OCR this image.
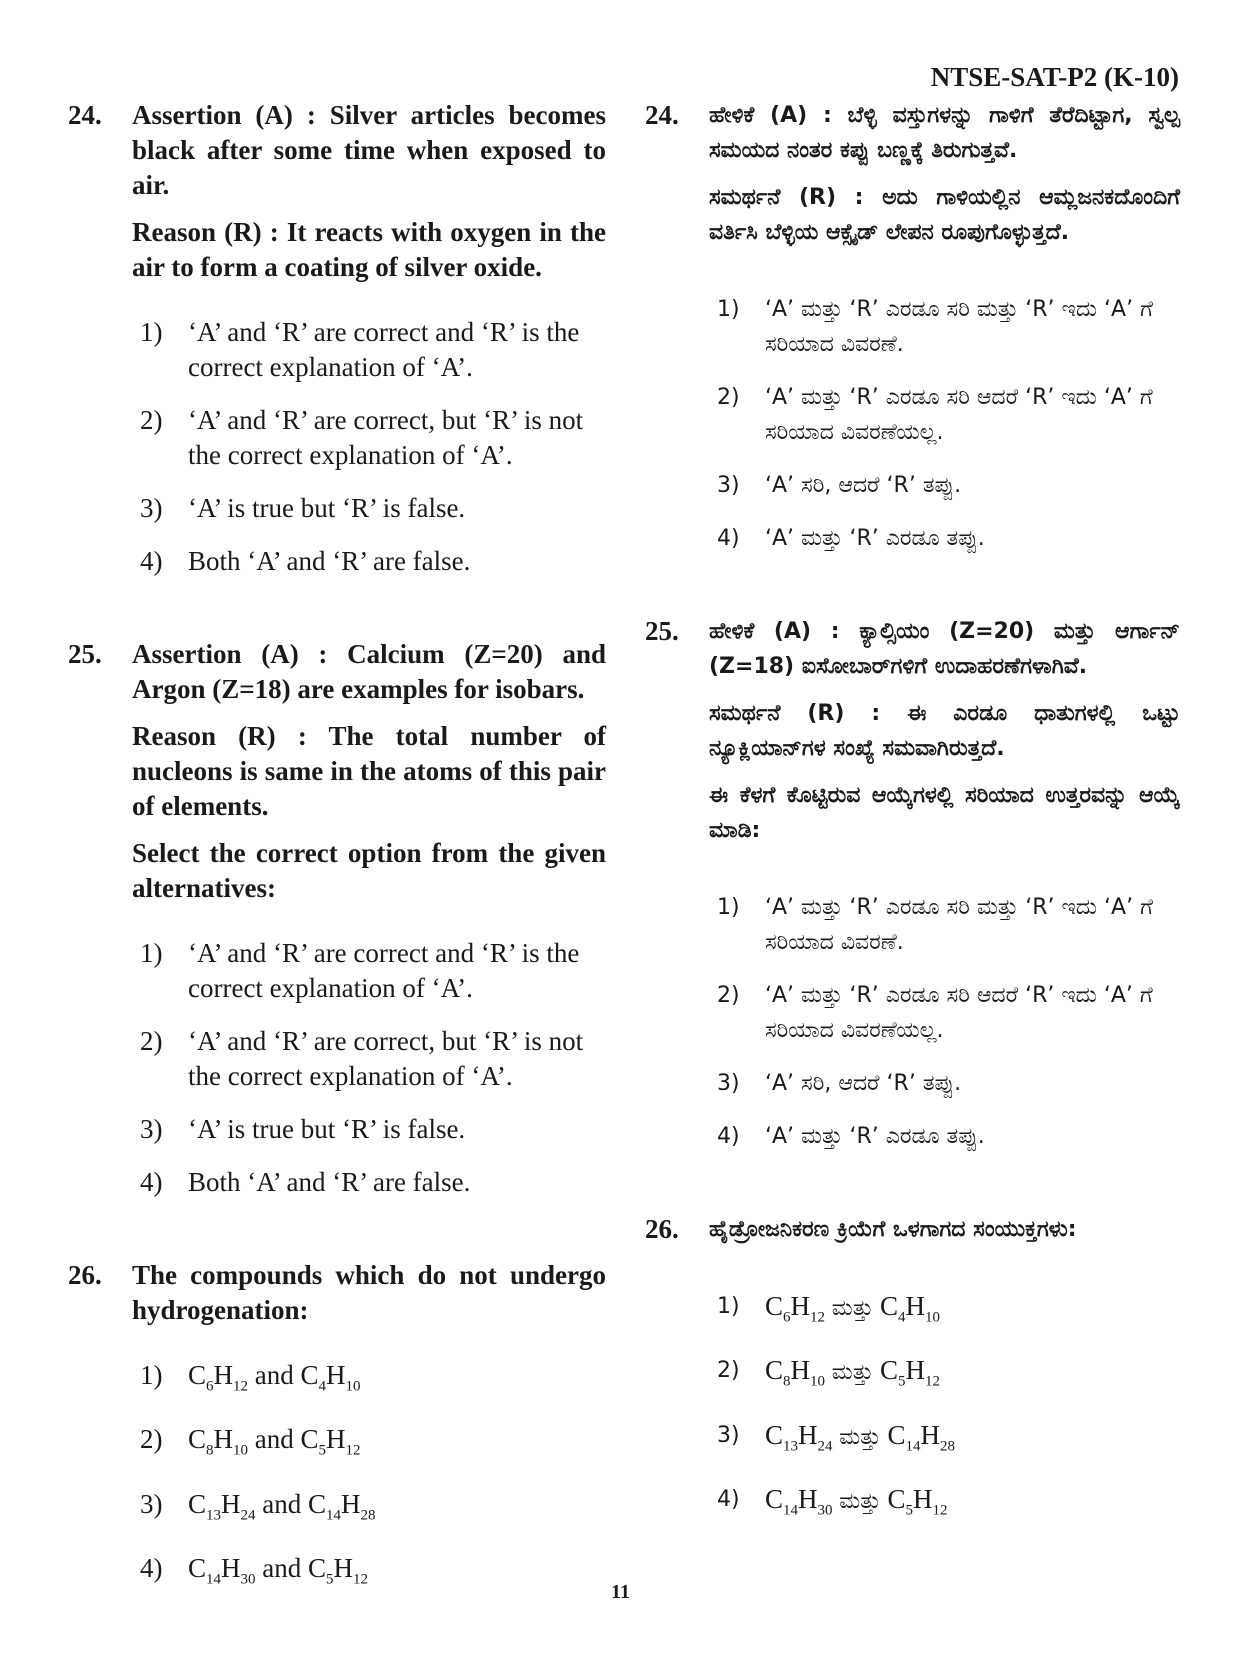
NTSE-SAT-P2 (K-10)
24.	Assertion (A) : Silver articles becomes black after some time when exposed to air.

Reason (R) : It reacts with oxygen in the air to form a coating of silver oxide.

1) ‘A’ and ‘R’ are correct and ‘R’ is the correct explanation of ‘A’.
2) ‘A’ and ‘R’ are correct, but ‘R’ is not the correct explanation of ‘A’.
3) ‘A’ is true but ‘R’ is false.
4) Both ‘A’ and ‘R’ are false.
25.	Assertion (A) : Calcium (Z=20) and Argon (Z=18) are examples for isobars.

Reason (R) : The total number of nucleons is same in the atoms of this pair of elements.

Select the correct option from the given alternatives:

1) ‘A’ and ‘R’ are correct and ‘R’ is the correct explanation of ‘A’.
2) ‘A’ and ‘R’ are correct, but ‘R’ is not the correct explanation of ‘A’.
3) ‘A’ is true but ‘R’ is false.
4) Both ‘A’ and ‘R’ are false.
26.	The compounds which do not undergo hydrogenation:

1) $C_6H_{12}$ and $C_4H_{10}$
2) $C_8H_{10}$ and $C_5H_{12}$
3) $C_{13}H_{24}$ and $C_{14}H_{28}$
4) $C_{14}H_{30}$ and $C_5H_{12}$
24.	ಹೇಳಿಕೆ (A) : ಬೆಳ್ಳಿ ವಸ್ತುಗಳನ್ನು ಗಾಳಿಗೆ ತೆರೆದಿಟ್ಟಾಗ, ಸ್ವಲ್ಪ ಸಮಯದ ನಂತರ ಕಪ್ಪು ಬಣ್ಣಕ್ಕೆ ತಿರುಗುತ್ತವೆ.

ಸಮರ್ಥನೆ (R) : ಅದು ಗಾಳಿಯಲ್ಲಿನ ಆಮ್ಲಜನಕದೊಂದಿಗೆ ವರ್ತಿಸಿ ಬೆಳ್ಳಿಯ ಆಕ್ಸೈಡ್ ಲೇಪನ ರೂಪುಗೊಳ್ಳುತ್ತದೆ.

1)	‘A’ ಮತ್ತು ‘R’ ಎರಡೂ ಸರಿ ಮತ್ತು ‘R’ ಇದು ‘A’ ಗೆ ಸರಿಯಾದ ವಿವರಣೆ.
2)	‘A’ ಮತ್ತು ‘R’ ಎರಡೂ ಸರಿ ಆದರೆ ‘R’ ಇದು ‘A’ ಗೆ ಸರಿಯಾದ ವಿವರಣೆಯಲ್ಲ.
3)	‘A’ ಸರಿ, ಆದರೆ ‘R’ ತಪ್ಪು.
4)	‘A’ ಮತ್ತು ‘R’ ಎರಡೂ ತಪ್ಪು.
25.	ಹೇಳಿಕೆ (A) : ಕ್ಯಾಲ್ಸಿಯಂ (Z=20) ಮತ್ತು ಆರ್ಗಾನ್ (Z=18) ಐಸೋಬಾರ್‌ಗಳಿಗೆ ಉದಾಹರಣೆಗಳಾಗಿವೆ.

ಸಮರ್ಥನೆ (R) : ಈ ಎರಡೂ ಧಾತುಗಳಲ್ಲಿ ಒಟ್ಟು ನ್ಯೂಕ್ಲಿಯಾನ್‌ಗಳ ಸಂಖ್ಯೆ ಸಮವಾಗಿರುತ್ತದೆ.

ಈ ಕೆಳಗೆ ಕೊಟ್ಟಿರುವ ಆಯ್ಕೆಗಳಲ್ಲಿ ಸರಿಯಾದ ಉತ್ತರವನ್ನು ಆಯ್ಕೆ ಮಾಡಿ:

1)	‘A’ ಮತ್ತು ‘R’ ಎರಡೂ ಸರಿ ಮತ್ತು ‘R’ ಇದು ‘A’ ಗೆ ಸರಿಯಾದ ವಿವರಣೆ.
2)	‘A’ ಮತ್ತು ‘R’ ಎರಡೂ ಸರಿ ಆದರೆ ‘R’ ಇದು ‘A’ ಗೆ ಸರಿಯಾದ ವಿವರಣೆಯಲ್ಲ.
3)	‘A’ ಸರಿ, ಆದರೆ ‘R’ ತಪ್ಪು.
4)	‘A’ ಮತ್ತು ‘R’ ಎರಡೂ ತಪ್ಪು.
26.	ಹೈಡ್ರೋಜನಿಕರಣ ಕ್ರಿಯೆಗೆ ಒಳಗಾಗದ ಸಂಯುಕ್ತಗಳು:

1) $C_6H_{12}$ ಮತ್ತು $C_4H_{10}$
2) $C_8H_{10}$ ಮತ್ತು $C_5H_{12}$
3) $C_{13}H_{24}$ ಮತ್ತು $C_{14}H_{28}$
4) $C_{14}H_{30}$ ಮತ್ತು $C_5H_{12}$
11
